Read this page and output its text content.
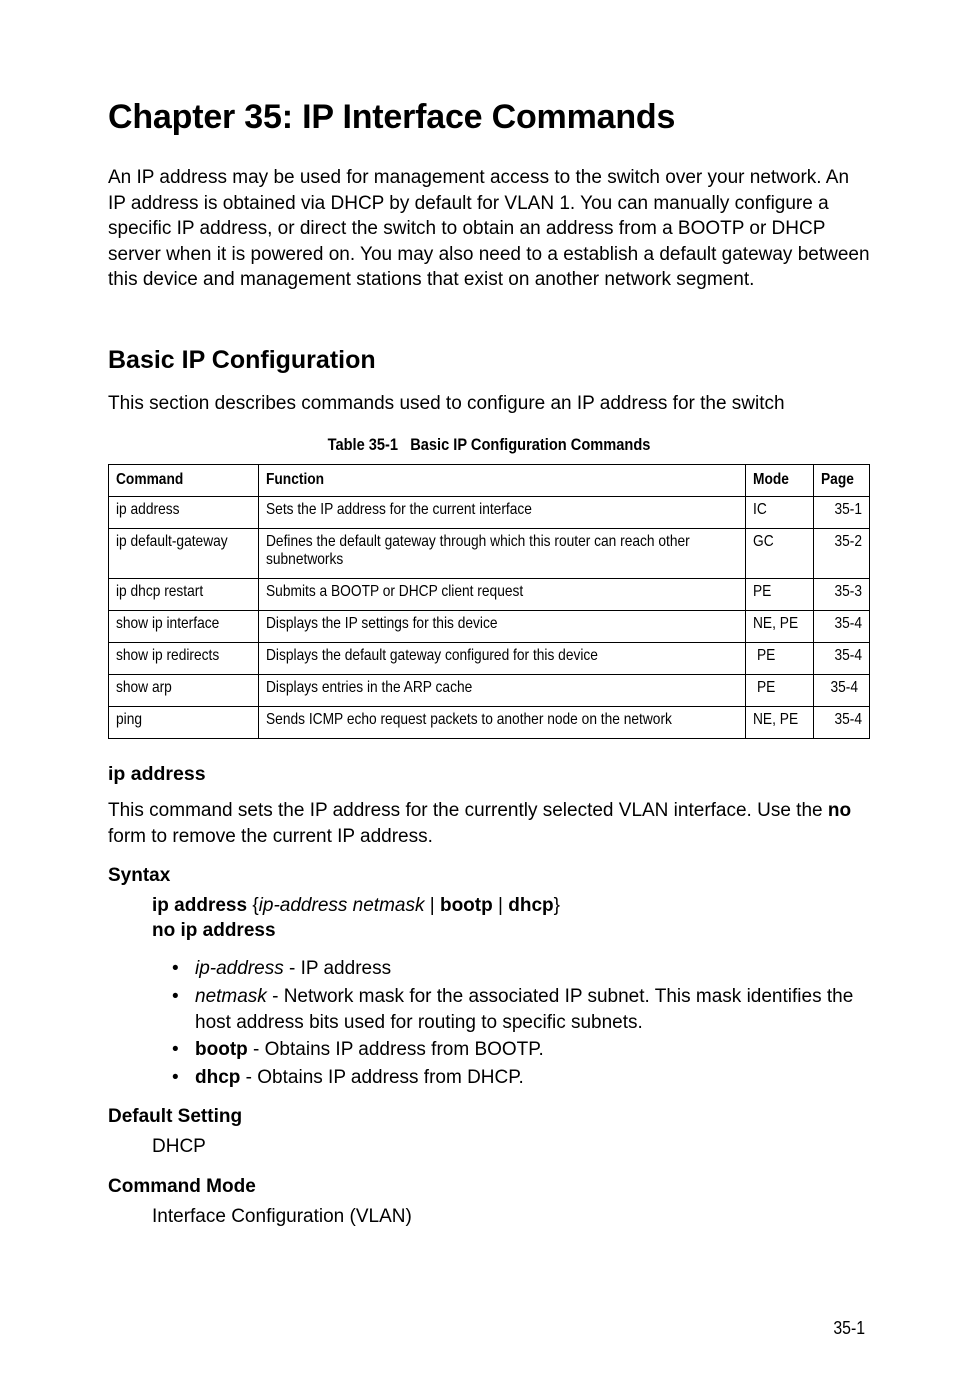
Chapter 35: IP Interface Commands

An IP address may be used for management access to the switch over your network. An IP address is obtained via DHCP by default for VLAN 1. You can manually configure a specific IP address, or direct the switch to obtain an address from a BOOTP or DHCP server when it is powered on. You may also need to a establish a default gateway between this device and management stations that exist on another network segment.

Basic IP Configuration

This section describes commands used to configure an IP address for the switch

Table 35-1   Basic IP Configuration Commands
Command	Function	Mode	Page
ip address	Sets the IP address for the current interface	IC	35-1
ip default-gateway	Defines the default gateway through which this router can reach other subnetworks	GC	35-2
ip dhcp restart	Submits a BOOTP or DHCP client request	PE	35-3
show ip interface	Displays the IP settings for this device	NE, PE	35-4
show ip redirects	Displays the default gateway configured for this device	PE	35-4
show arp	Displays entries in the ARP cache	PE	35-4
ping	Sends ICMP echo request packets to another node on the network	NE, PE	35-4
ip address

This command sets the IP address for the currently selected VLAN interface. Use the no form to remove the current IP address.

Syntax

ip address {ip-address netmask | bootp | dhcp}

no ip address

• ip-address - IP address
• netmask - Network mask for the associated IP subnet. This mask identifies the host address bits used for routing to specific subnets.
• bootp - Obtains IP address from BOOTP.
• dhcp - Obtains IP address from DHCP.
Default Setting

DHCP

Command Mode

Interface Configuration (VLAN)

35-1
